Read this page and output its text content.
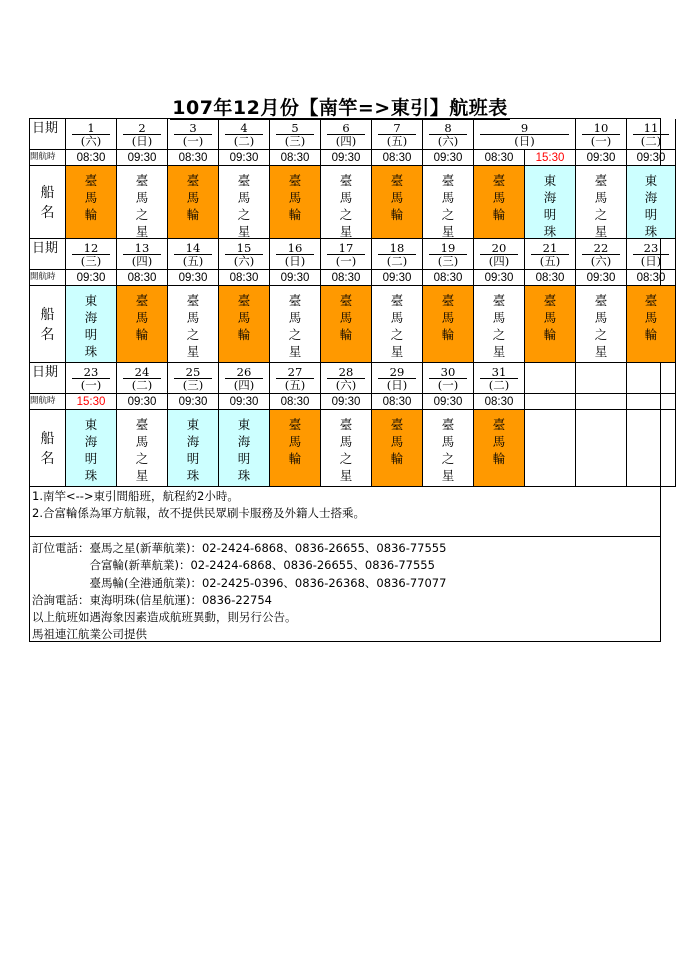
107年12月份【南竿=>東引】航班表
日期
開航時
船
名
1
(六)
08:30
臺
馬
輪
2
(日)
09:30
臺
馬
之
星
3
(一)
08:30
臺
馬
輪
4
(二)
09:30
臺
馬
之
星
5
(三)
08:30
臺
馬
輪
6
(四)
09:30
臺
馬
之
星
7
(五)
08:30
臺
馬
輪
8
(六)
09:30
臺
馬
之
星
9
(日)
08:30
臺
馬
輪
15:30
東
海
明
珠
10
(一)
09:30
臺
馬
之
星
11
(二)
09:30
東
海
明
珠
日期
開航時
船
名
12
(三)
09:30
東
海
明
珠
13
(四)
08:30
臺
馬
輪
14
(五)
09:30
臺
馬
之
星
15
(六)
08:30
臺
馬
輪
16
(日)
09:30
臺
馬
之
星
17
(一)
08:30
臺
馬
輪
18
(二)
09:30
臺
馬
之
星
19
(三)
08:30
臺
馬
輪
20
(四)
09:30
臺
馬
之
星
21
(五)
08:30
臺
馬
輪
22
(六)
09:30
臺
馬
之
星
23
(日)
08:30
臺
馬
輪
日期
開航時
船
名
23
(一)
15:30
東
海
明
珠
24
(二)
09:30
臺
馬
之
星
25
(三)
09:30
東
海
明
珠
26
(四)
09:30
東
海
明
珠
27
(五)
08:30
臺
馬
輪
28
(六)
09:30
臺
馬
之
星
29
(日)
08:30
臺
馬
輪
30
(一)
09:30
臺
馬
之
星
31
(二)
08:30
臺
馬
輪
1.南竿<-->東引間船班，航程約2小時。
2.合富輪係為軍方航報，故不提供民眾刷卡服務及外籍人士搭乘。
訂位電話：臺馬之星(新華航業)：02-2424-6868、0836-26655、0836-77555
　　　　　合富輪(新華航業)：02-2424-6868、0836-26655、0836-77555
　　　　　臺馬輪(全港通航業)：02-2425-0396、0836-26368、0836-77077
洽詢電話：東海明珠(信星航運)：0836-22754
以上航班如遇海象因素造成航班異動，則另行公告。
馬祖連江航業公司提供
